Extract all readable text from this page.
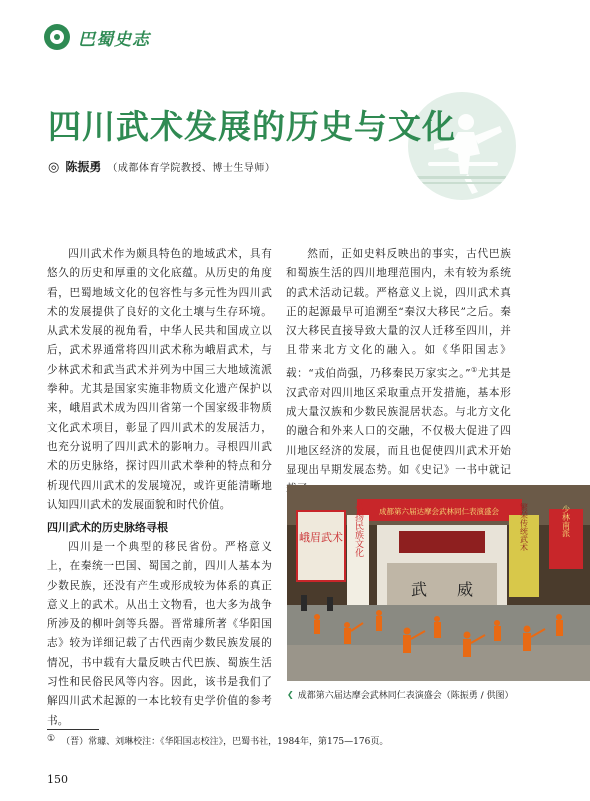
巴蜀史志
四川武术发展的历史与文化
◎ 陈振勇 （成都体育学院教授、博士生导师）

四川武术作为颇具特色的地域武术，具有悠久的历史和厚重的文化底蕴。从历史的角度看，巴蜀地域文化的包容性与多元性为四川武术的发展提供了良好的文化土壤与生存环境。从武术发展的视角看，中华人民共和国成立以后，武术界通常将四川武术称为峨眉武术，与少林武术和武当武术并列为中国三大地域流派拳种。尤其是国家实施非物质文化遗产保护以来，峨眉武术成为四川省第一个国家级非物质文化武术项目，彰显了四川武术的发展活力，也充分说明了四川武术的影响力。寻根四川武术的历史脉络，探讨四川武术拳种的特点和分析现代四川武术的发展境况，或许更能清晰地认知四川武术的发展面貌和时代价值。

然而，正如史料反映出的事实，古代巴族和蜀族生活的四川地理范围内，未有较为系统的武术活动记载。严格意义上说，四川武术真正的起源最早可追溯至“秦汉大移民”之后。秦汉大移民直接导致大量的汉人迁移至四川，并且带来北方文化的融入。如《华阳国志》载：“戎伯尚强，乃移秦民万家实之。”①尤其是汉武帝对四川地区采取重点开发措施，基本形成大量汉族和少数民族混居状态。与北方文化的融合和外来人口的交融，不仅极大促进了四川地区经济的发展，而且也促使四川武术开始显现出早期发展态势。如《史记》一书中就记

四川武术的历史脉络寻根

四川是一个典型的移民省份。严格意义上，在秦统一巴国、蜀国之前，四川人基本为少数民族，还没有产生或形成较为体系的真正意义上的武术。从出土文物看，也大多为战争所涉及的柳叶剑等兵器。晋常璩所著《华阳国志》较为详细记载了古代西南少数民族发展的情况，书中载有大量反映古代巴族、蜀族生活习性和民俗民风等内容。因此，该书是我们了解四川武术起源的一本比较有史学价值的参考书。

成都第六届达摩会武林同仁表演盛会
武 威
峨眉武术 弘扬民族文化	繁荣传统武术	少林南派
❮ 成都第六届达摩会武林同仁表演盛会（陈振勇 / 供图）
① （晋）常璩、刘琳校注：《华阳国志校注》，巴蜀书社，1984年，第175—176页。
150
